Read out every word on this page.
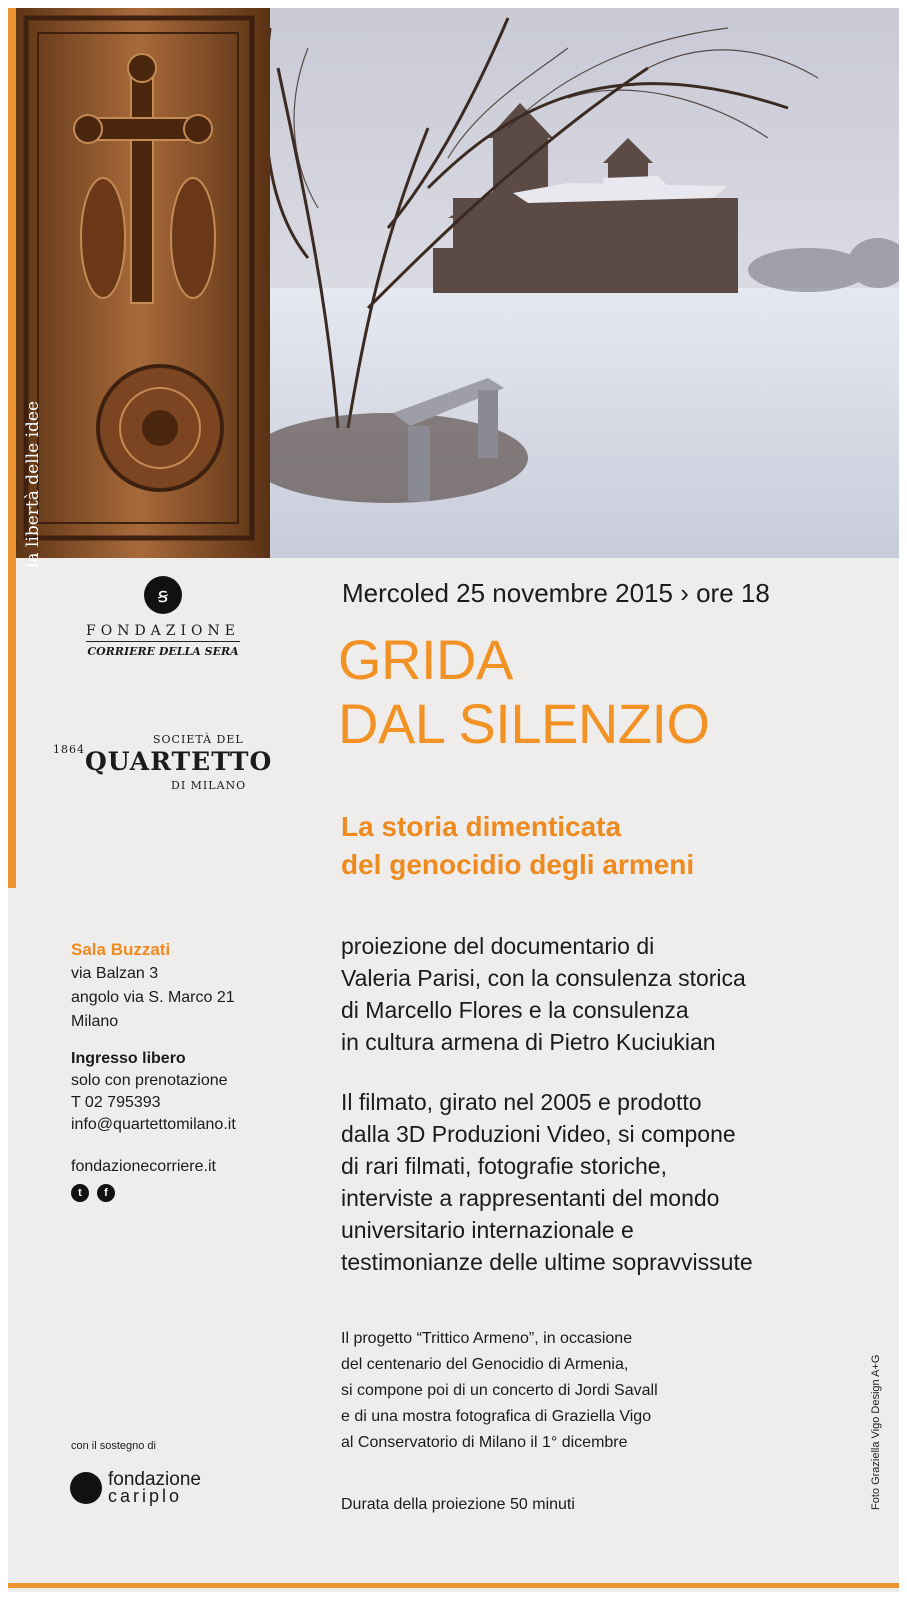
la libertà delle idee
ꞩ
FONDAZIONE
CORRIERE DELLA SERA
1864
SOCIETÀ DEL
QUARTETTO
DI MILANO
Mercoled 25 novembre 2015 › ore 18
GRIDA
DAL SILENZIO
La storia dimenticata
del genocidio degli armeni
Sala Buzzati
via Balzan 3
angolo via S. Marco 21
Milano
Ingresso libero
solo con prenotazione
T 02 795393
info@quartettomilano.it
fondazionecorriere.it
t	f
proiezione del documentario di
Valeria Parisi, con la consulenza storica
di Marcello Flores e la consulenza
in cultura armena di Pietro Kuciukian
Il filmato, girato nel 2005 e prodotto
dalla 3D Produzioni Video, si compone
di rari filmati, fotografie storiche,
interviste a rappresentanti del mondo
universitario internazionale e
testimonianze delle ultime sopravvissute
Il progetto “Trittico Armeno”, in occasione
del centenario del Genocidio di Armenia,
si compone poi di un concerto di Jordi Savall
e di una mostra fotografica di Graziella Vigo
al Conservatorio di Milano il 1° dicembre
Durata della proiezione 50 minuti	Foto Graziella Vigo Design A+G
con il sostegno di
fondazione
cariplo
